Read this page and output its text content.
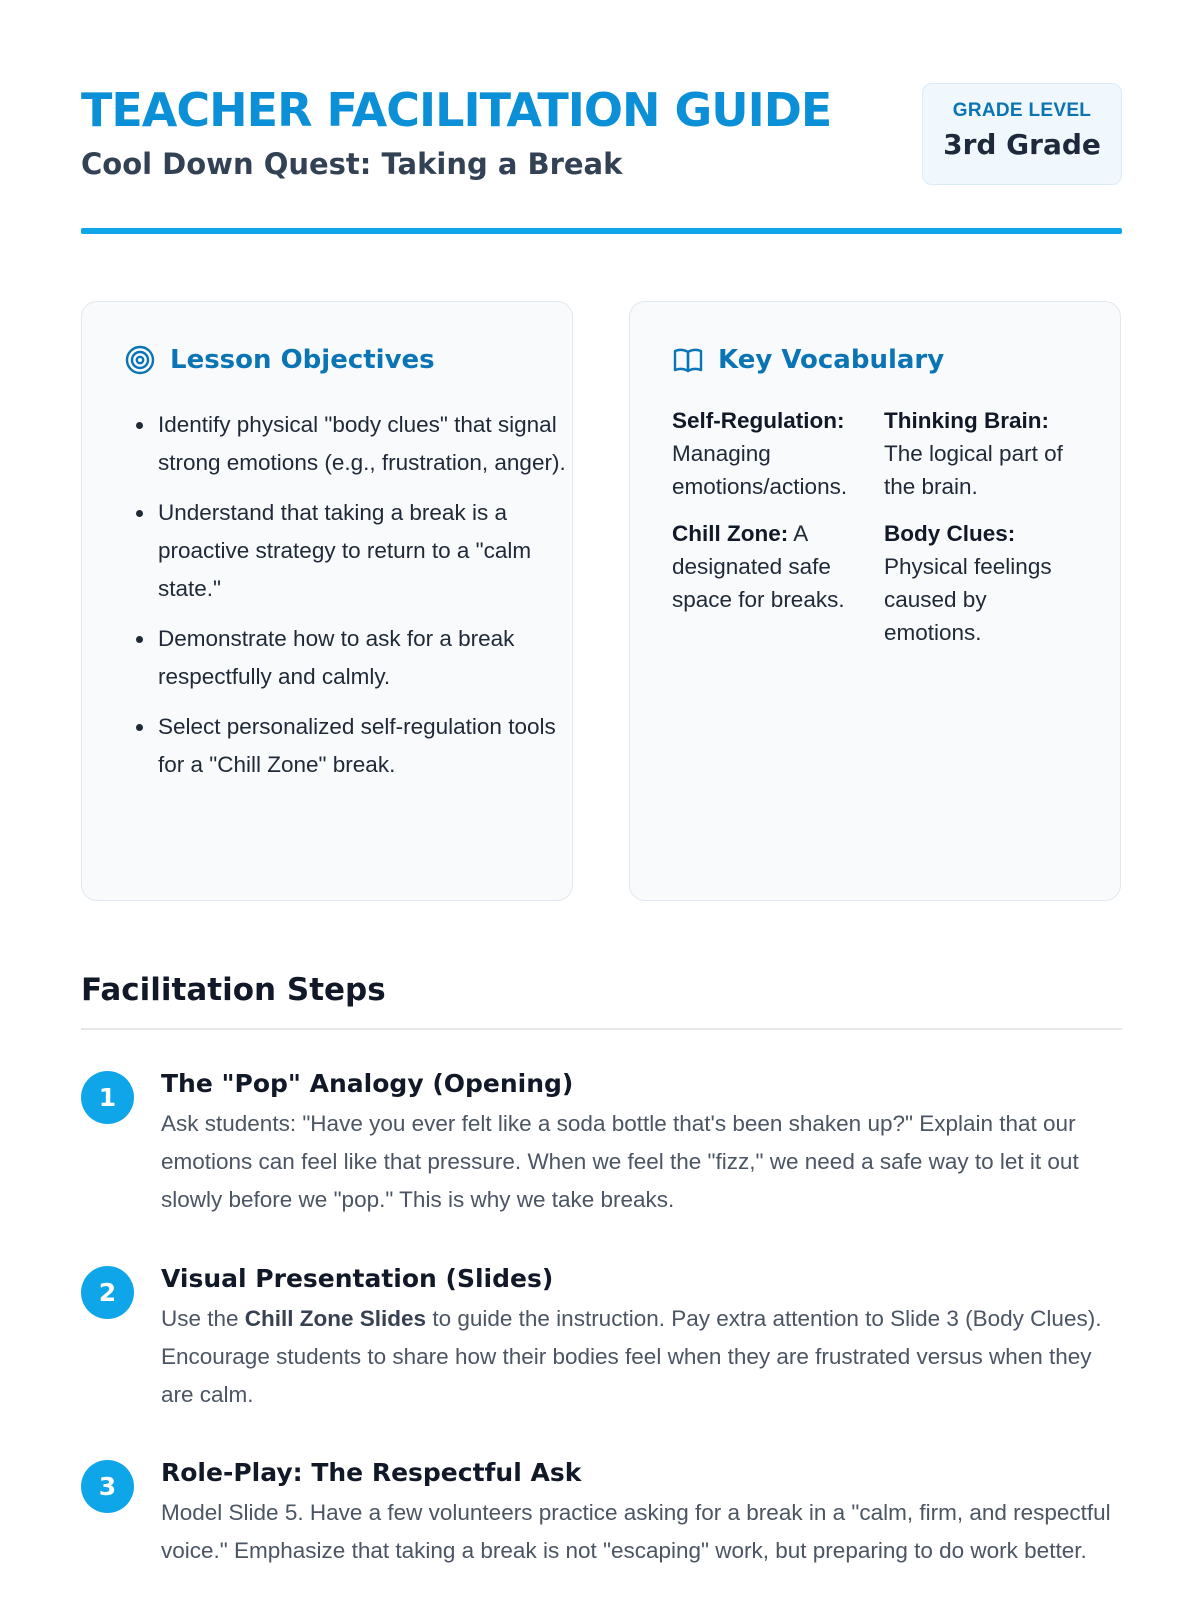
TEACHER FACILITATION GUIDE
Cool Down Quest: Taking a Break
GRADE LEVEL
3rd Grade
Lesson Objectives
• Identify physical "body clues" that signal strong emotions (e.g., frustration, anger).
• Understand that taking a break is a proactive strategy to return to a "calm state."
• Demonstrate how to ask for a break respectfully and calmly.
• Select personalized self-regulation tools for a "Chill Zone" break.
Key Vocabulary
Self-Regulation: Managing emotions/actions.
Thinking Brain: The logical part of the brain.
Chill Zone: A designated safe space for breaks.
Body Clues: Physical feelings caused by emotions.
Facilitation Steps
1	The "Pop" Analogy (Opening)

Ask students: "Have you ever felt like a soda bottle that's been shaken up?" Explain that our emotions can feel like that pressure. When we feel the "fizz," we need a safe way to let it out slowly before we "pop." This is why we take breaks.

2	Visual Presentation (Slides)

Use the Chill Zone Slides to guide the instruction. Pay extra attention to Slide 3 (Body Clues). Encourage students to share how their bodies feel when they are frustrated versus when they are calm.

3	Role-Play: The Respectful Ask

Model Slide 5. Have a few volunteers practice asking for a break in a "calm, firm, and respectful voice." Emphasize that taking a break is not "escaping" work, but preparing to do work better.
